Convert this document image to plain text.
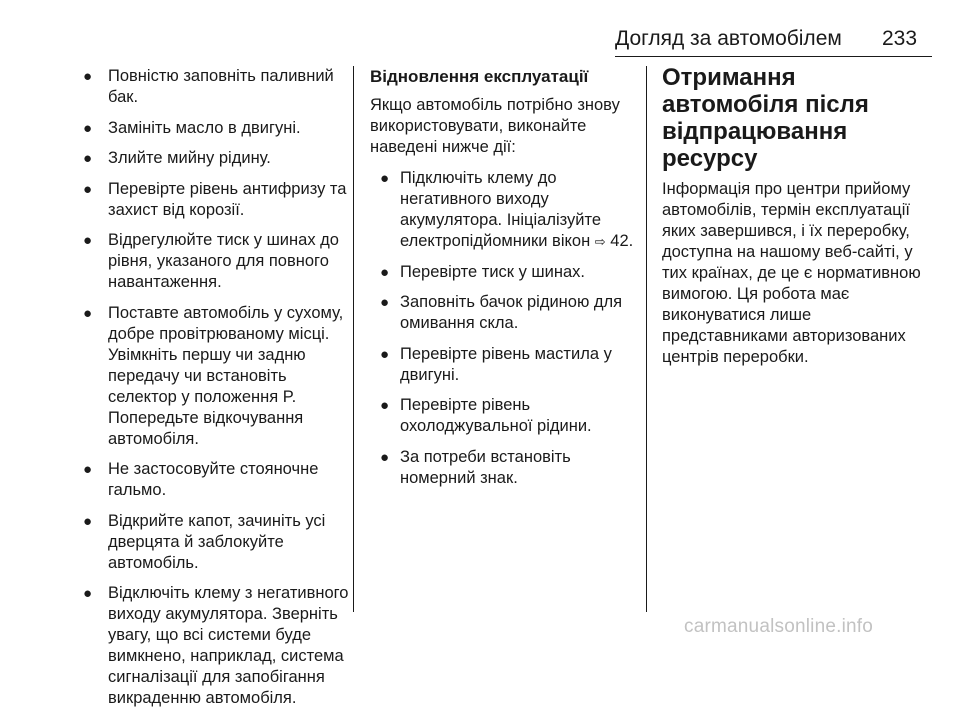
Догляд за автомобілем 233
● Повністю заповніть паливний бак.
● Замініть масло в двигуні.
● Злийте мийну рідину.
● Перевірте рівень антифризу та захист від корозії.
● Відрегулюйте тиск у шинах до рівня, указаного для повного навантаження.
● Поставте автомобіль у сухому, добре провітрюваному місці. Увімкніть першу чи задню передачу чи встановіть селектор у положення P. Попередьте відкочування автомобіля.
● Не застосовуйте стояночне гальмо.
● Відкрийте капот, зачиніть усі дверцята й заблокуйте автомобіль.
● Відключіть клему з негативного виходу акумулятора. Зверніть увагу, що всі системи буде вимкнено, наприклад, система сигналізації для запобігання викраденню автомобіля.
Відновлення експлуатації

Якщо автомобіль потрібно знову використовувати, виконайте наведені нижче дії:

● Підключіть клему до негативного виходу акумулятора. Ініціалізуйте електропідйомники вікон ⇨ 42.
● Перевірте тиск у шинах.
● Заповніть бачок рідиною для омивання скла.
● Перевірте рівень мастила у двигуні.
● Перевірте рівень охолоджувальної рідини.
● За потреби встановіть номерний знак.
Отримання автомобіля після відпрацювання ресурсу

Інформація про центри прийому автомобілів, термін експлуатації яких завершився, і їх переробку, доступна на нашому веб-сайті, у тих країнах, де це є нормативною вимогою. Ця робота має виконуватися лише представниками авторизованих центрів переробки.

carmanualsonline.info
